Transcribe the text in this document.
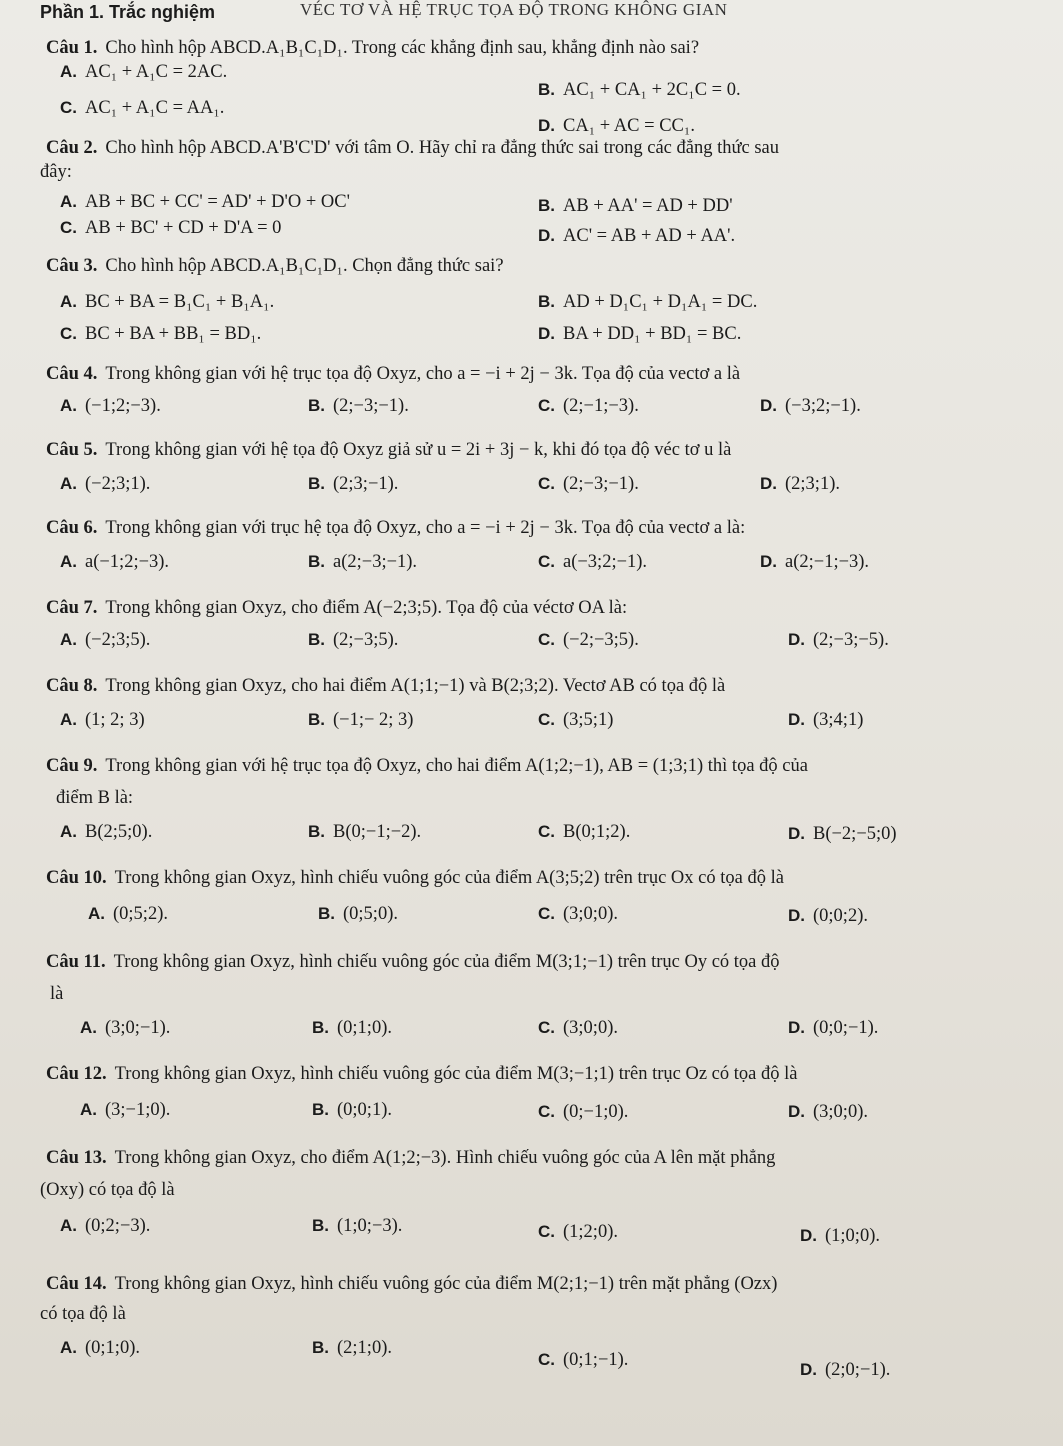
Phần 1. Trắc nghiệm	VÉC TƠ VÀ HỆ TRỤC TỌA ĐỘ TRONG KHÔNG GIAN
Câu 1. Cho hình hộp ABCD.A₁B₁C₁D₁. Trong các khẳng định sau, khẳng định nào sai?
A. AC₁ + A₁C = 2AC.
B. AC₁ + CA₁ + 2C₁C = 0.
C. AC₁ + A₁C = AA₁.
D. CA₁ + AC = CC₁.
Câu 2. Cho hình hộp ABCD.A'B'C'D' với tâm O. Hãy chỉ ra đẳng thức sai trong các đẳng thức sau
đây:
A. AB + BC + CC' = AD' + D'O + OC'	B. AB + AA' = AD + DD'
C. AB + BC' + CD + D'A = 0	D. AC' = AB + AD + AA'.
Câu 3. Cho hình hộp ABCD.A₁B₁C₁D₁. Chọn đẳng thức sai?
A. BC + BA = B₁C₁ + B₁A₁.	B. AD + D₁C₁ + D₁A₁ = DC.
C. BC + BA + BB₁ = BD₁.	D. BA + DD₁ + BD₁ = BC.
Câu 4. Trong không gian với hệ trục tọa độ Oxyz, cho a = −i + 2j − 3k. Tọa độ của vectơ a là
A. (−1;2;−3).	B. (2;−3;−1).	C. (2;−1;−3).	D. (−3;2;−1).
Câu 5. Trong không gian với hệ tọa độ Oxyz giả sử u = 2i + 3j − k, khi đó tọa độ véc tơ u là
A. (−2;3;1).	B. (2;3;−1).	C. (2;−3;−1).	D. (2;3;1).
Câu 6. Trong không gian với trục hệ tọa độ Oxyz, cho a = −i + 2j − 3k. Tọa độ của vectơ a là:
A. a(−1;2;−3).	B. a(2;−3;−1).	C. a(−3;2;−1).	D. a(2;−1;−3).
Câu 7. Trong không gian Oxyz, cho điểm A(−2;3;5). Tọa độ của véctơ OA là:
A. (−2;3;5).	B. (2;−3;5).	C. (−2;−3;5).	D. (2;−3;−5).
Câu 8. Trong không gian Oxyz, cho hai điểm A(1;1;−1) và B(2;3;2). Vectơ AB có tọa độ là
A. (1; 2; 3)	B. (−1;− 2; 3)	C. (3;5;1)	D. (3;4;1)
Câu 9. Trong không gian với hệ trục tọa độ Oxyz, cho hai điểm A(1;2;−1), AB = (1;3;1) thì tọa độ của
điểm B là:
A. B(2;5;0).	B. B(0;−1;−2).	C. B(0;1;2).	D. B(−2;−5;0)
Câu 10. Trong không gian Oxyz, hình chiếu vuông góc của điểm A(3;5;2) trên trục Ox có tọa độ là
A. (0;5;2).	B. (0;5;0).	C. (3;0;0).	D. (0;0;2).
Câu 11. Trong không gian Oxyz, hình chiếu vuông góc của điểm M(3;1;−1) trên trục Oy có tọa độ
là
A. (3;0;−1).	B. (0;1;0).	C. (3;0;0).	D. (0;0;−1).
Câu 12. Trong không gian Oxyz, hình chiếu vuông góc của điểm M(3;−1;1) trên trục Oz có tọa độ là
A. (3;−1;0).	B. (0;0;1).	C. (0;−1;0).	D. (3;0;0).
Câu 13. Trong không gian Oxyz, cho điểm A(1;2;−3). Hình chiếu vuông góc của A lên mặt phẳng
(Oxy) có tọa độ là
A. (0;2;−3).	B. (1;0;−3).	C. (1;2;0).	D. (1;0;0).
Câu 14. Trong không gian Oxyz, hình chiếu vuông góc của điểm M(2;1;−1) trên mặt phẳng (Ozx)
có tọa độ là
A. (0;1;0).	B. (2;1;0).
C. (0;1;−1).	D. (2;0;−1).
